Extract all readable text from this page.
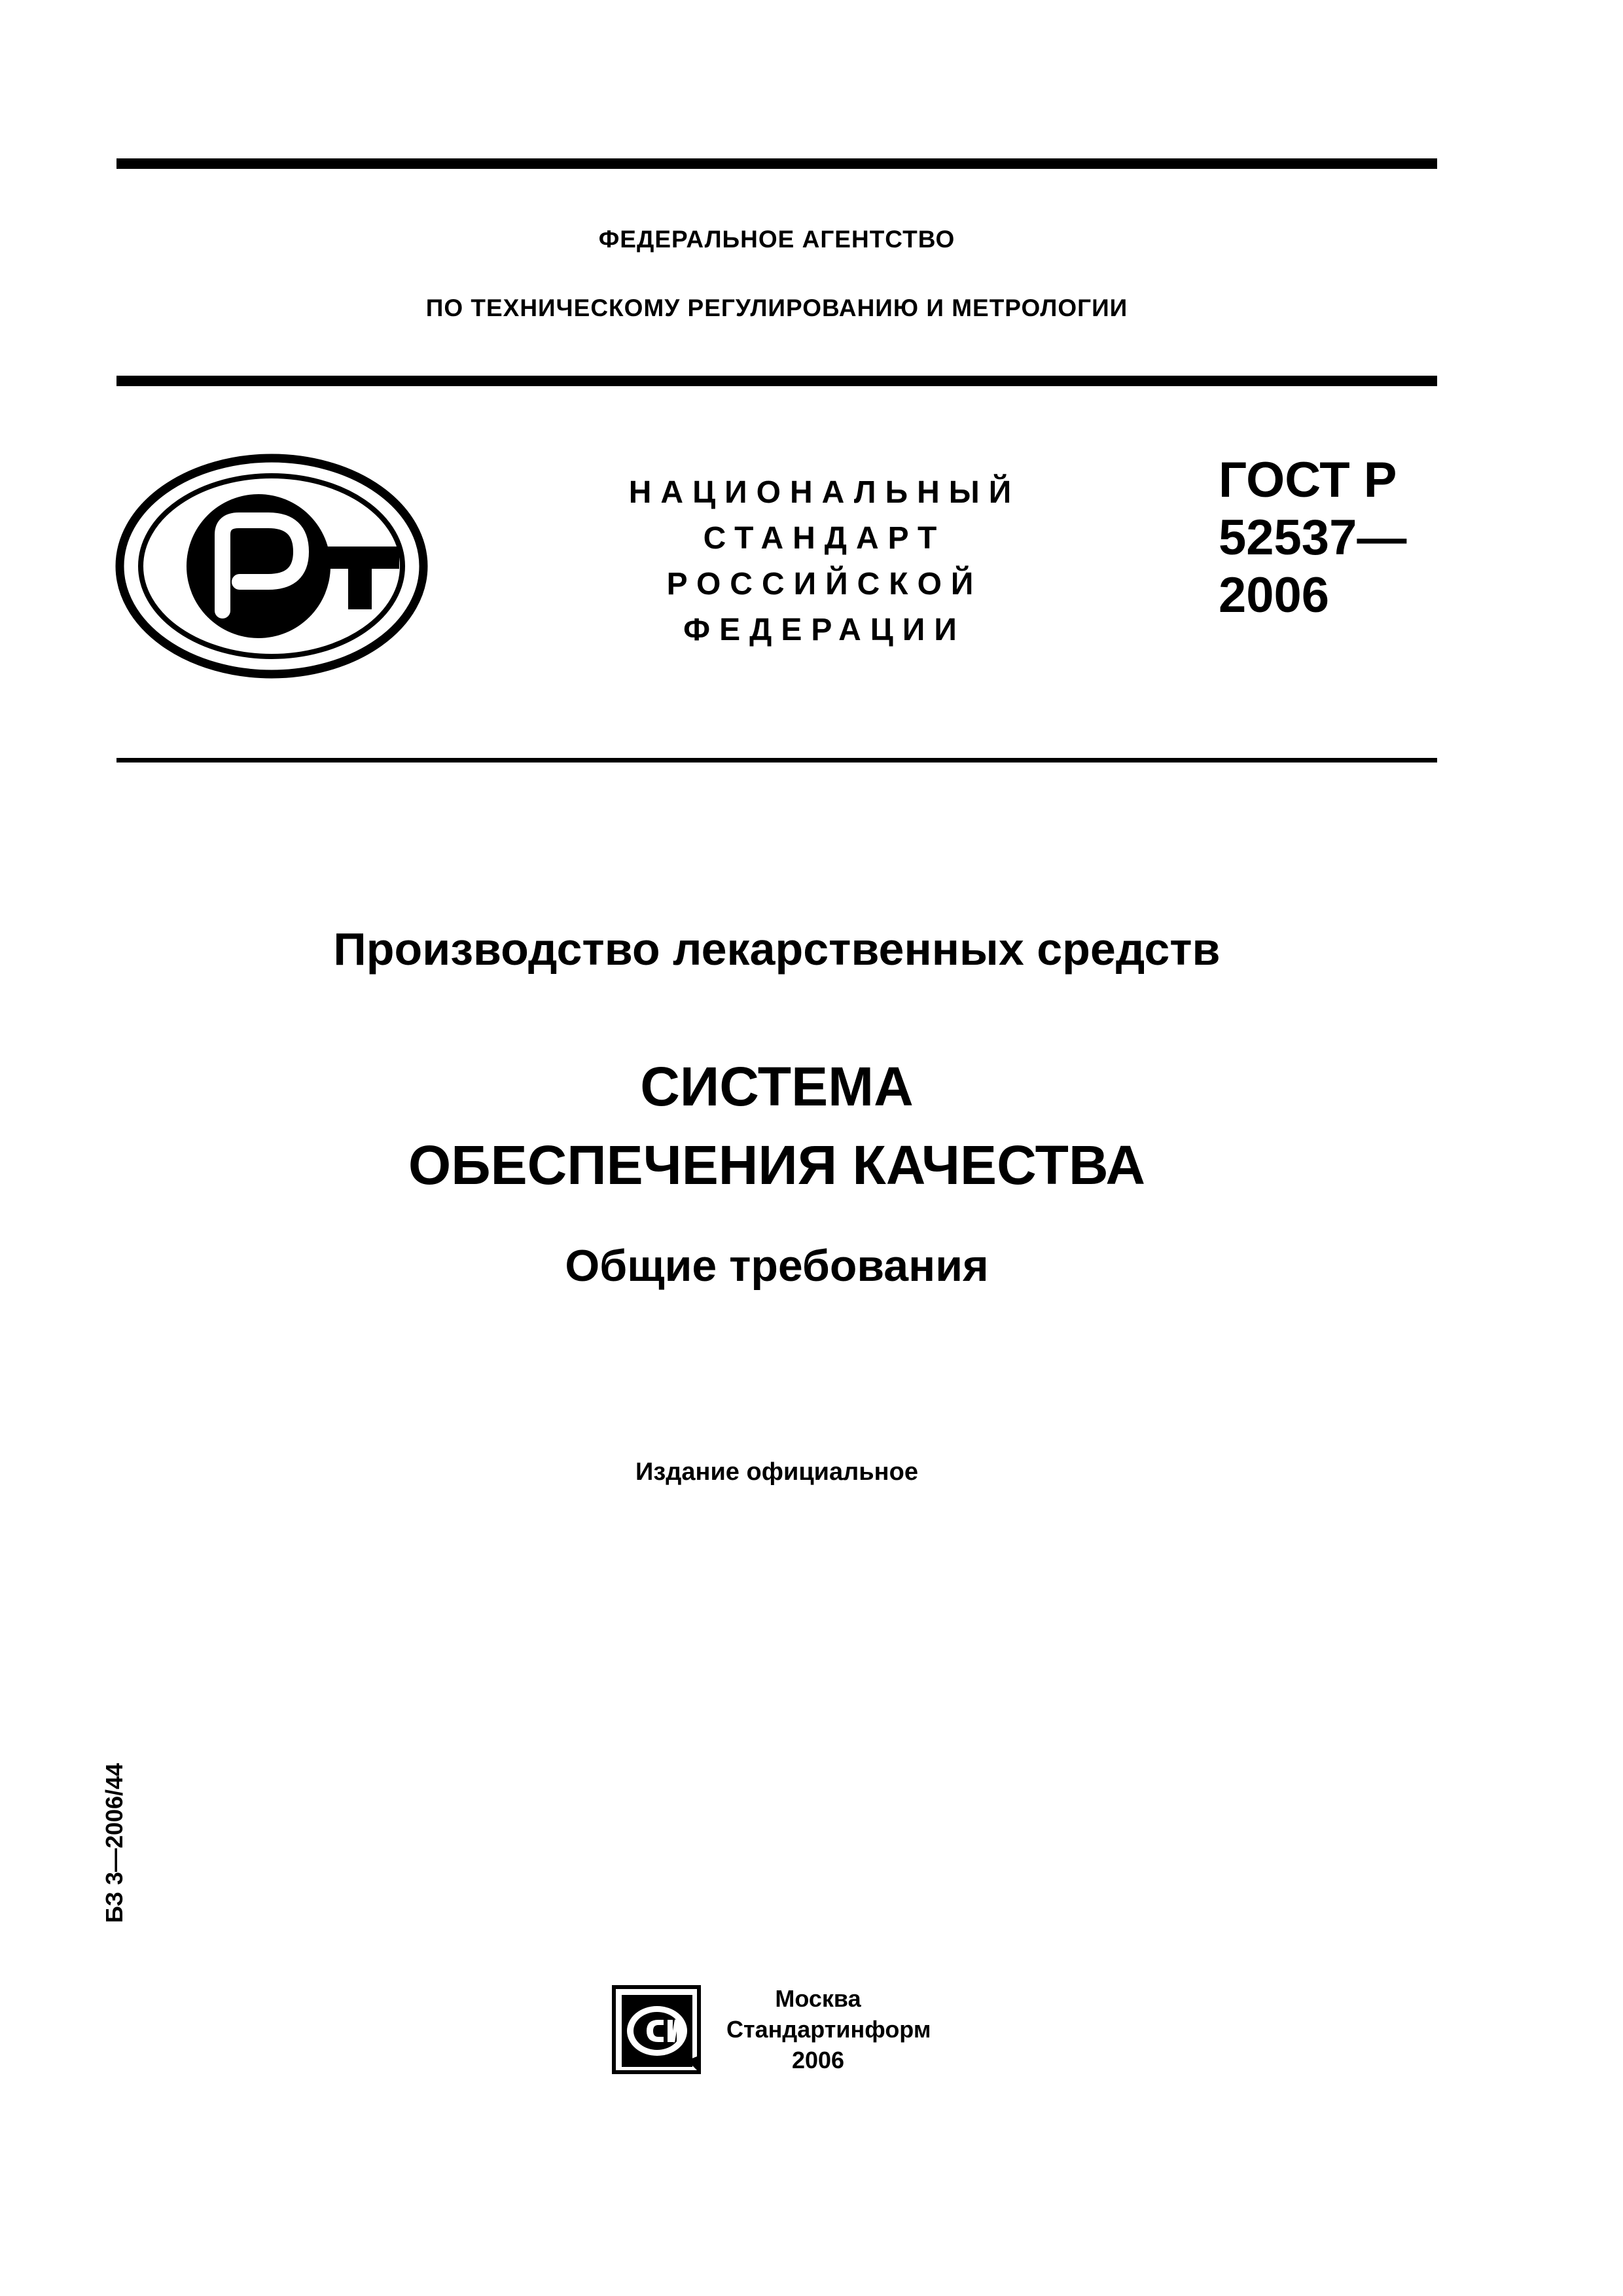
ФЕДЕРАЛЬНОЕ АГЕНТСТВО
ПО ТЕХНИЧЕСКОМУ РЕГУЛИРОВАНИЮ И МЕТРОЛОГИИ
НАЦИОНАЛЬНЫЙ
СТАНДАРТ
РОССИЙСКОЙ
ФЕДЕРАЦИИ
ГОСТ Р
52537—
2006
Производство лекарственных средств
СИСТЕМА
ОБЕСПЕЧЕНИЯ КАЧЕСТВА
Общие требования
Издание официальное
БЗ 3—2006/44
Москва
Стандартинформ
2006
